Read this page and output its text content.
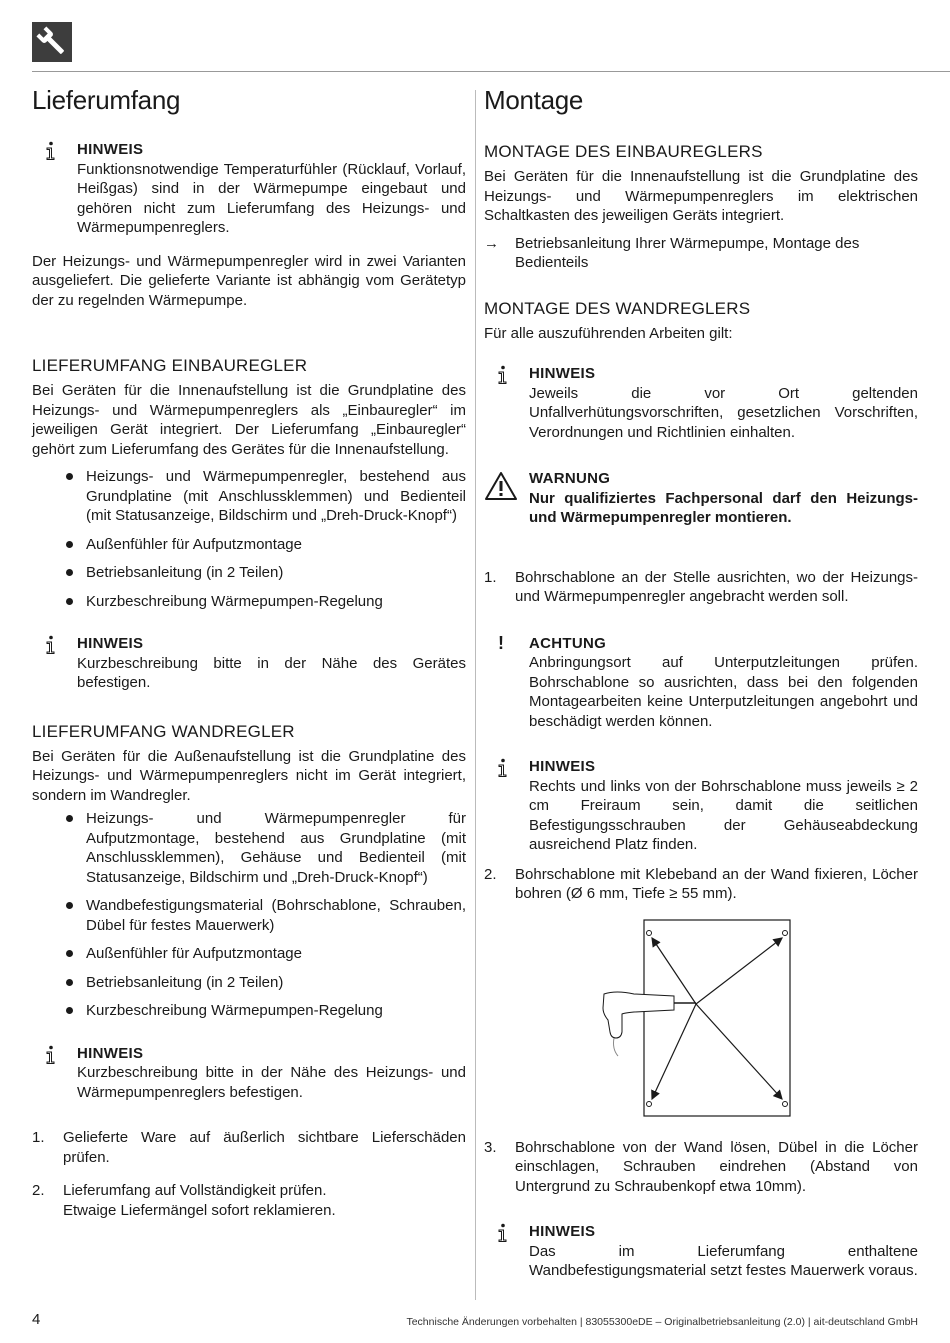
Lieferumfang
HINWEIS

Funktionsnotwendige Temperaturfühler (Rücklauf, Vorlauf, Heißgas) sind in der Wärmepumpe eingebaut und gehören nicht zum Lieferumfang des Heizungs- und Wärmepumpenreglers.

Der Heizungs- und Wärmepumpenregler wird in zwei Varianten ausgeliefert. Die gelieferte Variante ist abhängig vom Gerätetyp der zu regelnden Wärmepumpe.

LIEFERUMFANG EINBAUREGLER

Bei Geräten für die Innenaufstellung ist die Grundplatine des Heizungs- und Wärmepumpenreglers als „Einbauregler“ im jeweiligen Gerät integriert. Der Lieferumfang „Einbauregler“ gehört zum Lieferumfang des Gerätes für die Innenaufstellung.

Heizungs- und Wärmepumpenregler, bestehend aus Grundplatine (mit Anschlussklemmen) und Bedienteil (mit Statusanzeige, Bildschirm und „Dreh-Druck-Knopf“)
Außenfühler für Aufputzmontage
Betriebsanleitung (in 2 Teilen)
Kurzbeschreibung Wärmepumpen-Regelung
HINWEIS

Kurzbeschreibung bitte in der Nähe des Gerätes befestigen.

LIEFERUMFANG WANDREGLER

Bei Geräten für die Außenaufstellung ist die Grundplatine des Heizungs- und Wärmepumpenreglers nicht im Gerät integriert, sondern im Wandregler.

Heizungs- und Wärmepumpenregler für Aufputzmontage, bestehend aus Grundplatine (mit Anschlussklemmen), Gehäuse und Bedienteil (mit Statusanzeige, Bildschirm und „Dreh-Druck-Knopf“)
Wandbefestigungsmaterial (Bohrschablone, Schrauben, Dübel für festes Mauerwerk)
Außenfühler für Aufputzmontage
Betriebsanleitung (in 2 Teilen)
Kurzbeschreibung Wärmepumpen-Regelung
HINWEIS

Kurzbeschreibung bitte in der Nähe des Heizungs- und Wärmepumpenreglers befestigen.

1. Gelieferte Ware auf äußerlich sichtbare Lieferschäden prüfen.
2. Lieferumfang auf Vollständigkeit prüfen.
Etwaige Liefermängel sofort reklamieren.
Montage
MONTAGE DES EINBAUREGLERS

Bei Geräten für die Innenaufstellung ist die Grundplatine des Heizungs- und Wärmepumpenreglers im elektrischen Schaltkasten des jeweiligen Geräts integriert.

→ Betriebsanleitung Ihrer Wärmepumpe, Montage des Bedienteils
MONTAGE DES WANDREGLERS

Für alle auszuführenden Arbeiten gilt:

HINWEIS

Jeweils die vor Ort geltenden Unfallverhütungsvorschriften, gesetzlichen Vorschriften, Verordnungen und Richtlinien einhalten.

WARNUNG

Nur qualifiziertes Fachpersonal darf den Heizungs- und Wärmepumpenregler montieren.

1. Bohrschablone an der Stelle ausrichten, wo der Heizungs- und Wärmepumpenregler angebracht werden soll.

! ACHTUNG

Anbringungsort auf Unterputzleitungen prüfen. Bohrschablone so ausrichten, dass bei den folgenden Montagearbeiten keine Unterputzleitungen angebohrt und beschädigt werden können.

HINWEIS

Rechts und links von der Bohrschablone muss jeweils ≥ 2 cm Freiraum sein, damit die seitlichen Befestigungsschrauben der Gehäuseabdeckung ausreichend Platz finden.

2. Bohrschablone mit Klebeband an der Wand fixieren, Löcher bohren (Ø 6 mm, Tiefe ≥ 55 mm).

3. Bohrschablone von der Wand lösen, Dübel in die Löcher einschlagen, Schrauben eindrehen (Abstand von Untergrund zu Schraubenkopf etwa 10mm).

HINWEIS

Das im Lieferumfang enthaltene Wandbefestigungsmaterial setzt festes Mauerwerk voraus.

4	Technische Änderungen vorbehalten | 83055300eDE – Originalbetriebsanleitung (2.0) | ait-deutschland GmbH
